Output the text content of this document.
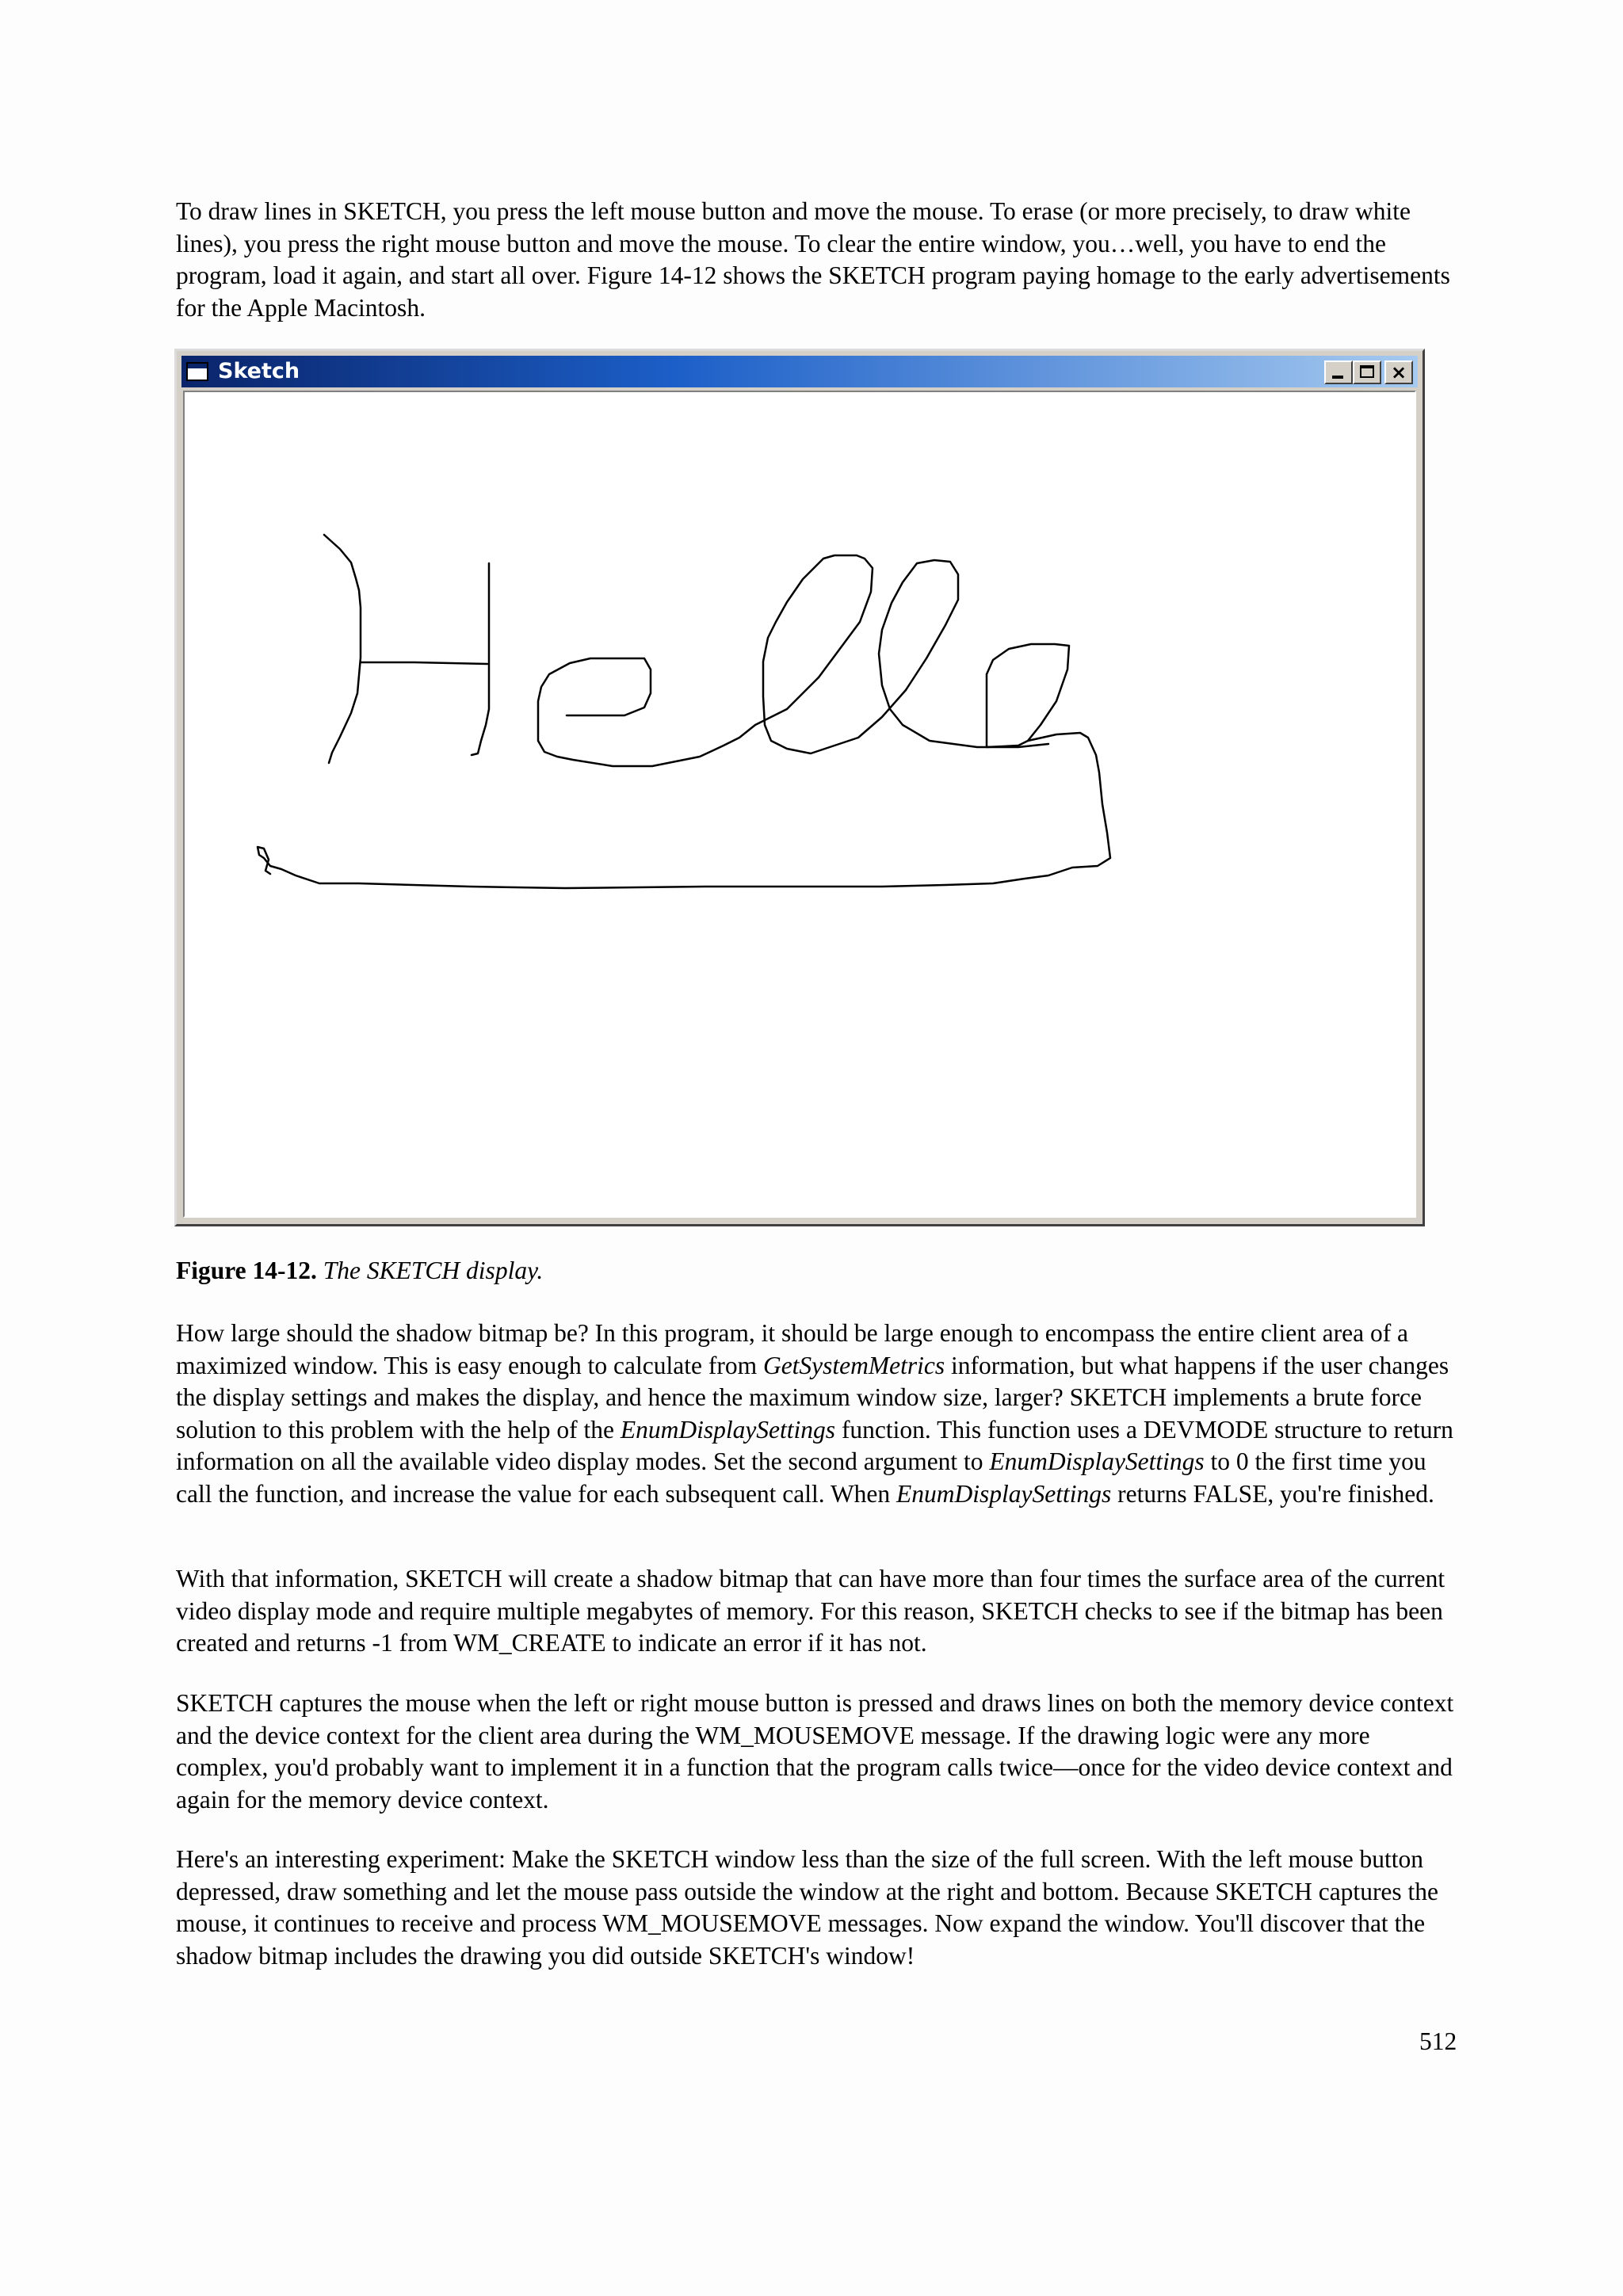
To draw lines in SKETCH, you press the left mouse button and move the mouse. To erase (or more precisely, to draw white lines), you press the right mouse button and move the mouse. To clear the entire window, you…well, you have to end the program, load it again, and start all over. Figure 14-12 shows the SKETCH program paying homage to the early advertisements for the Apple Macintosh.

Sketch	×
Figure 14-12. The SKETCH display.

How large should the shadow bitmap be? In this program, it should be large enough to encompass the entire client area of a maximized window. This is easy enough to calculate from GetSystemMetrics information, but what happens if the user changes the display settings and makes the display, and hence the maximum window size, larger? SKETCH implements a brute force solution to this problem with the help of the EnumDisplaySettings function. This function uses a DEVMODE structure to return information on all the available video display modes. Set the second argument to EnumDisplaySettings to 0 the first time you call the function, and increase the value for each subsequent call. When EnumDisplaySettings returns FALSE, you're finished.

With that information, SKETCH will create a shadow bitmap that can have more than four times the surface area of the current video display mode and require multiple megabytes of memory. For this reason, SKETCH checks to see if the bitmap has been created and returns -1 from WM_CREATE to indicate an error if it has not.

SKETCH captures the mouse when the left or right mouse button is pressed and draws lines on both the memory device context and the device context for the client area during the WM_MOUSEMOVE message. If the drawing logic were any more complex, you'd probably want to implement it in a function that the program calls twice—once for the video device context and again for the memory device context.

Here's an interesting experiment: Make the SKETCH window less than the size of the full screen. With the left mouse button depressed, draw something and let the mouse pass outside the window at the right and bottom. Because SKETCH captures the mouse, it continues to receive and process WM_MOUSEMOVE messages. Now expand the window. You'll discover that the shadow bitmap includes the drawing you did outside SKETCH's window!

512
